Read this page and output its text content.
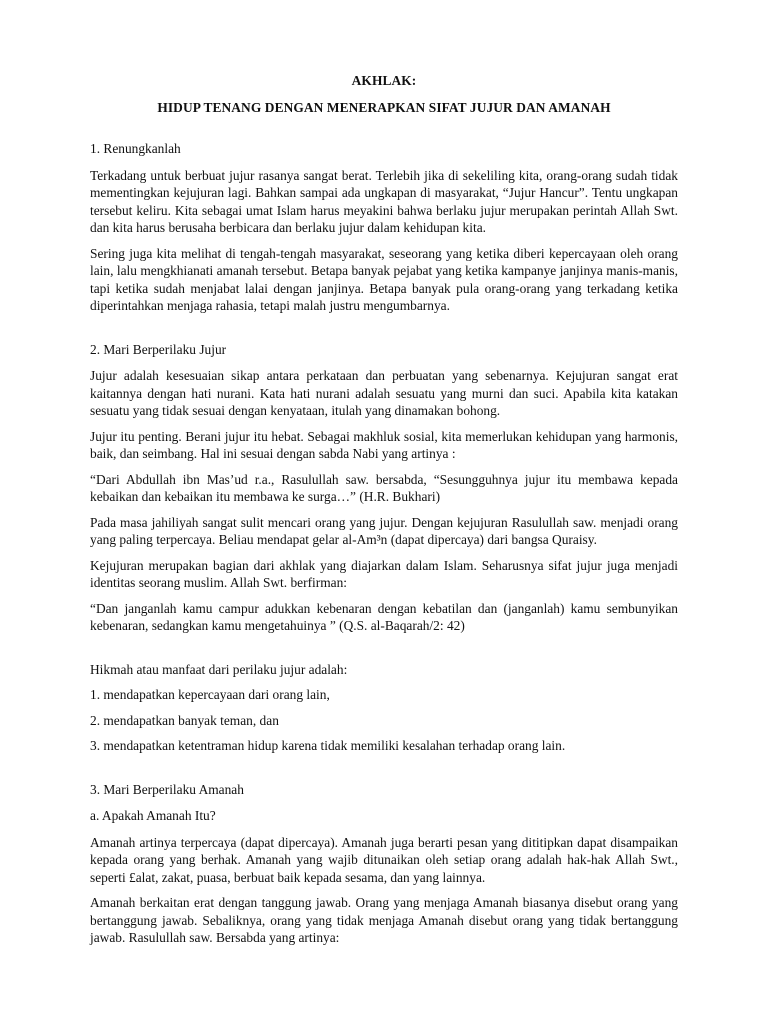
AKHLAK:

HIDUP TENANG DENGAN MENERAPKAN SIFAT JUJUR DAN AMANAH

1. Renungkanlah

Terkadang untuk berbuat jujur rasanya sangat berat. Terlebih jika di sekeliling kita, orang-orang sudah tidak mementingkan kejujuran lagi. Bahkan sampai ada ungkapan di masyarakat, “Jujur Hancur”. Tentu ungkapan tersebut keliru. Kita sebagai umat Islam harus meyakini bahwa berlaku jujur merupakan perintah Allah Swt. dan kita harus berusaha berbicara dan berlaku jujur dalam kehidupan kita.

Sering juga kita melihat di tengah-tengah masyarakat, seseorang yang ketika diberi kepercayaan oleh orang lain, lalu mengkhianati amanah tersebut. Betapa banyak pejabat yang ketika kampanye janjinya manis-manis, tapi ketika sudah menjabat lalai dengan janjinya. Betapa banyak pula orang-orang yang terkadang ketika diperintahkan menjaga rahasia, tetapi malah justru mengumbarnya.

2. Mari Berperilaku Jujur

Jujur adalah kesesuaian sikap antara perkataan dan perbuatan yang sebenarnya. Kejujuran sangat erat kaitannya dengan hati nurani. Kata hati nurani adalah sesuatu yang murni dan suci. Apabila kita katakan sesuatu yang tidak sesuai dengan kenyataan, itulah yang dinamakan bohong.

Jujur itu penting. Berani jujur itu hebat. Sebagai makhluk sosial, kita memerlukan kehidupan yang harmonis, baik, dan seimbang. Hal ini sesuai dengan sabda Nabi yang artinya :

“Dari Abdullah ibn Mas’ud r.a., Rasulullah saw. bersabda, “Sesungguhnya jujur itu membawa kepada kebaikan dan kebaikan itu membawa ke surga…” (H.R. Bukhari)

Pada masa jahiliyah sangat sulit mencari orang yang jujur. Dengan kejujuran Rasulullah saw. menjadi orang yang paling terpercaya. Beliau mendapat gelar al-Am³n (dapat dipercaya) dari bangsa Quraisy.

Kejujuran merupakan bagian dari akhlak yang diajarkan dalam Islam. Seharusnya sifat jujur juga menjadi identitas seorang muslim. Allah Swt. berfirman:

“Dan janganlah kamu campur adukkan kebenaran dengan kebatilan dan (janganlah) kamu sembunyikan kebenaran, sedangkan kamu mengetahuinya ” (Q.S. al-Baqarah/2: 42)

Hikmah atau manfaat dari perilaku jujur adalah:

1. mendapatkan kepercayaan dari orang lain,

2. mendapatkan banyak teman, dan

3. mendapatkan ketentraman hidup karena tidak memiliki kesalahan terhadap orang lain.

3. Mari Berperilaku Amanah

a. Apakah Amanah Itu?

Amanah artinya terpercaya (dapat dipercaya). Amanah juga berarti pesan yang dititipkan dapat disampaikan kepada orang yang berhak. Amanah yang wajib ditunaikan oleh setiap orang adalah hak-hak Allah Swt., seperti £alat, zakat, puasa, berbuat baik kepada sesama, dan yang lainnya.

Amanah berkaitan erat dengan tanggung jawab. Orang yang menjaga Amanah biasanya disebut orang yang bertanggung jawab. Sebaliknya, orang yang tidak menjaga Amanah disebut orang yang tidak bertanggung jawab. Rasulullah saw. Bersabda yang artinya:
